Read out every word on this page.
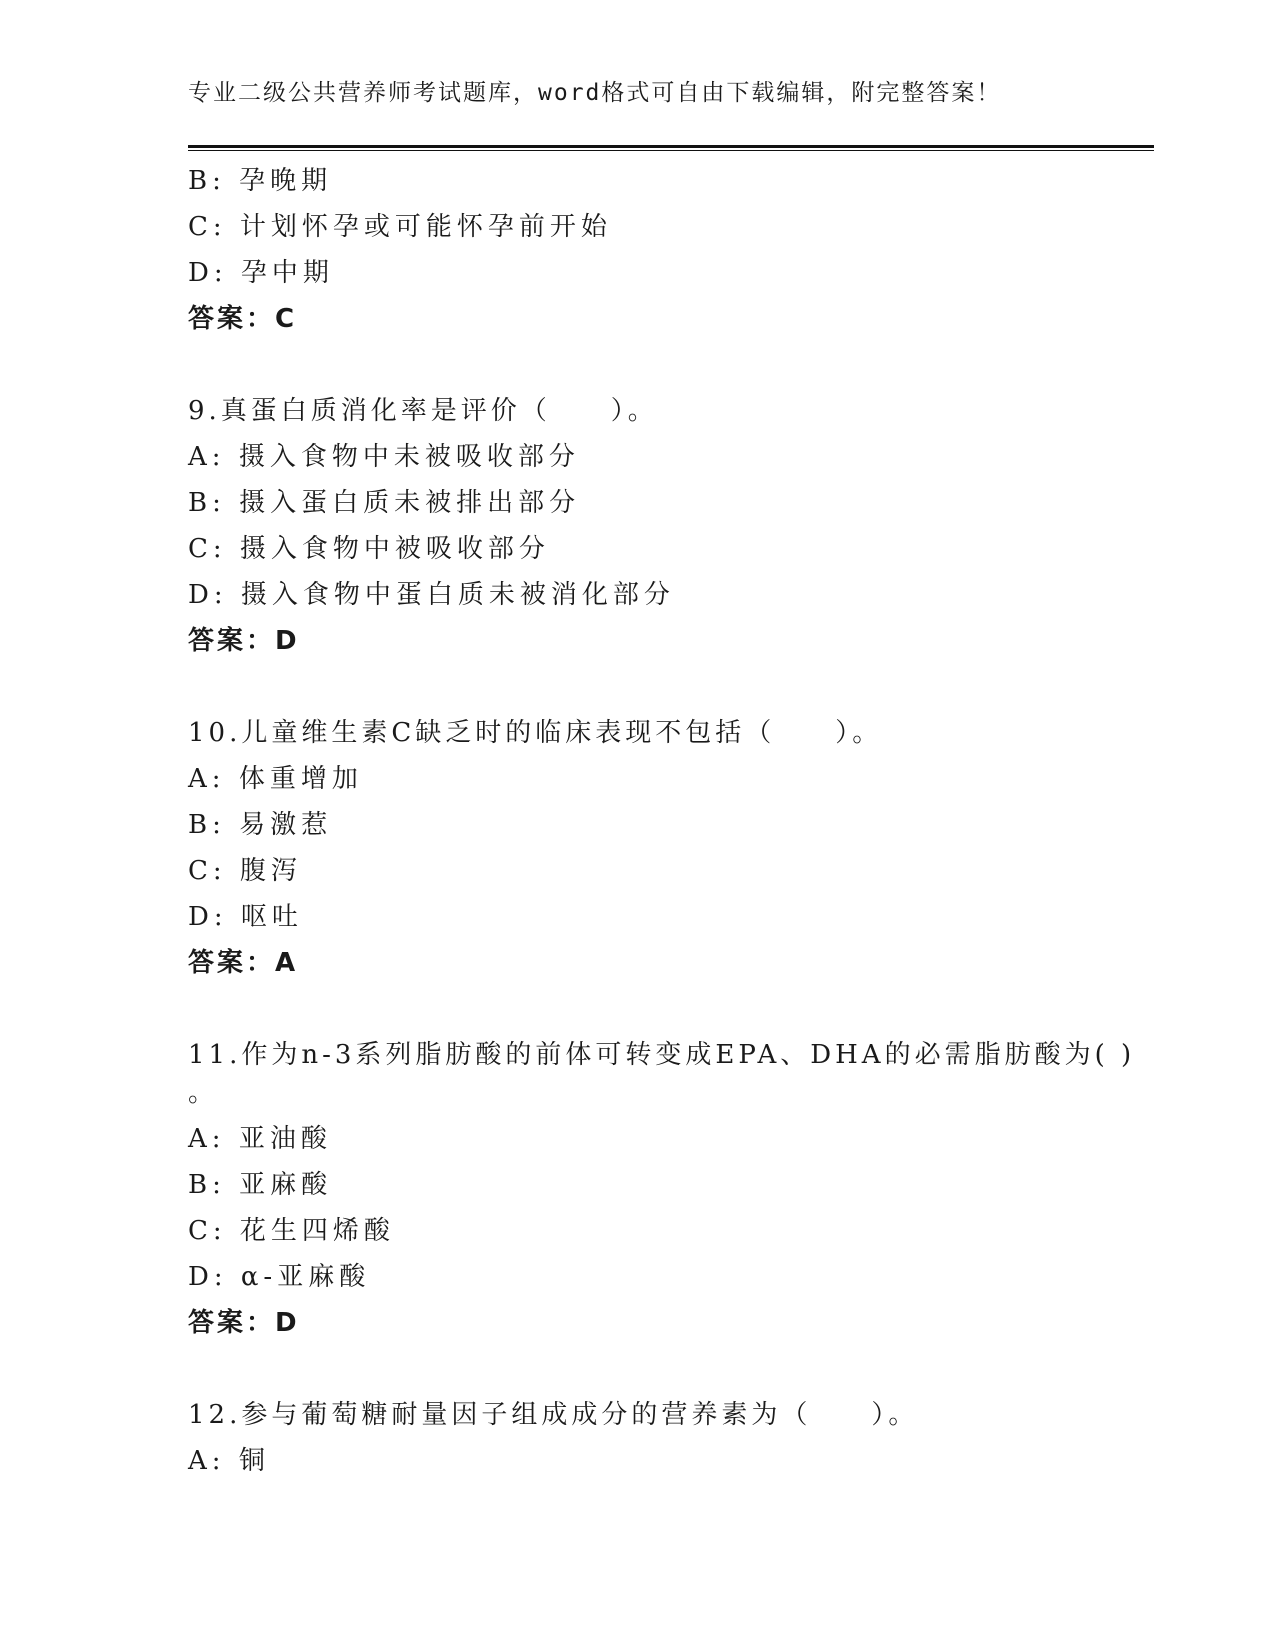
专业二级公共营养师考试题库，word格式可自由下载编辑，附完整答案！
B: 孕晚期
C: 计划怀孕或可能怀孕前开始
D: 孕中期
答案：C
9.真蛋白质消化率是评价（　　）。
A: 摄入食物中未被吸收部分
B: 摄入蛋白质未被排出部分
C: 摄入食物中被吸收部分
D: 摄入食物中蛋白质未被消化部分
答案：D
10.儿童维生素C缺乏时的临床表现不包括（　　）。
A: 体重增加
B: 易激惹
C: 腹泻
D: 呕吐
答案：A
11.作为n-3系列脂肪酸的前体可转变成EPA、DHA的必需脂肪酸为( )
。
A: 亚油酸
B: 亚麻酸
C: 花生四烯酸
D: α-亚麻酸
答案：D
12.参与葡萄糖耐量因子组成成分的营养素为（　　）。
A: 铜
